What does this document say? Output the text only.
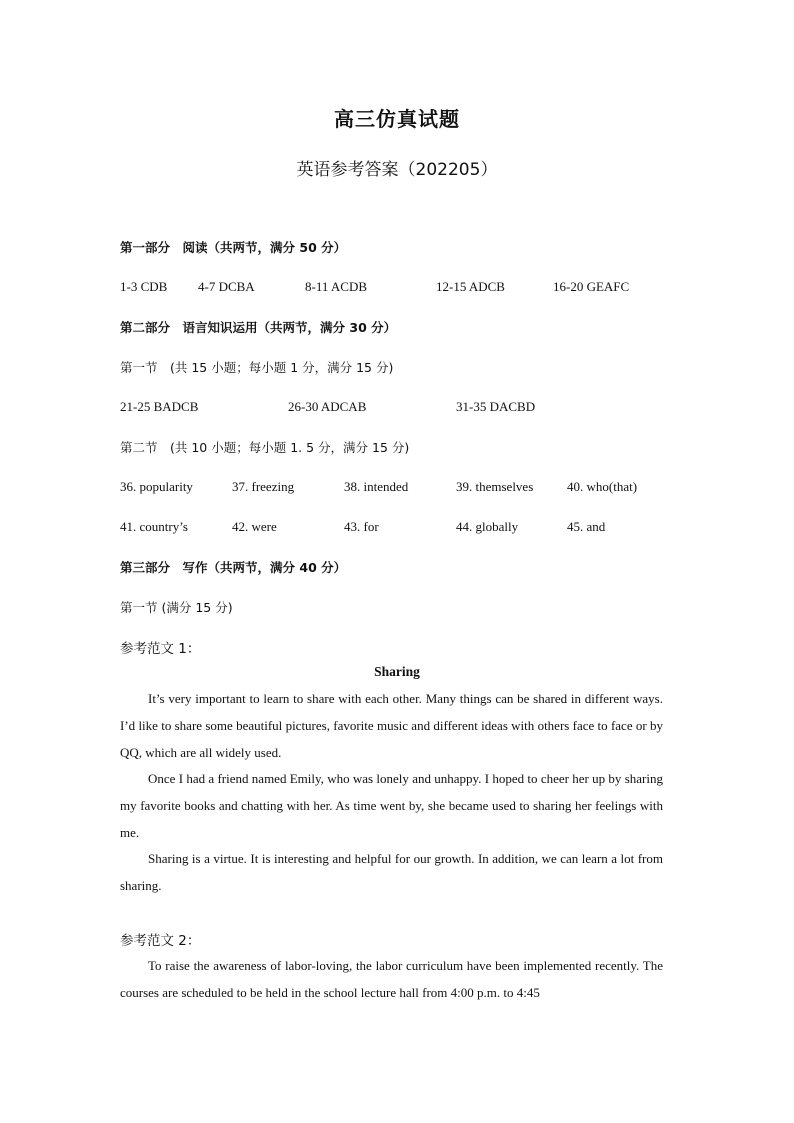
高三仿真试题
英语参考答案（202205）
第一部分　阅读（共两节，满分 50 分）
1-3 CDB 4-7 DCBA	8-11 ACDB	12-15 ADCB	16-20 GEAFC
第二部分　语言知识运用（共两节，满分 30 分）
第一节　(共 15 小题；每小题 1 分，满分 15 分)
21-25 BADCB	26-30 ADCAB	31-35 DACBD
第二节　(共 10 小题；每小题 1. 5 分，满分 15 分)
36. popularity	37. freezing	38. intended	39. themselves	40. who(that)
41. country’s	42. were	43. for	44. globally	45. and
第三部分　写作（共两节，满分 40 分）
第一节 (满分 15 分)
参考范文 1：
Sharing
It’s very important to learn to share with each other. Many things can be shared in different ways. I’d like to share some beautiful pictures, favorite music and different ideas with others face to face or by QQ, which are all widely used.
Once I had a friend named Emily, who was lonely and unhappy. I hoped to cheer her up by sharing my favorite books and chatting with her. As time went by, she became used to sharing her feelings with me.
Sharing is a virtue. It is interesting and helpful for our growth. In addition, we can learn a lot from sharing.
参考范文 2：
To raise the awareness of labor-loving, the labor curriculum have been implemented recently. The courses are scheduled to be held in the school lecture hall from 4:00 p.m. to 4:45
